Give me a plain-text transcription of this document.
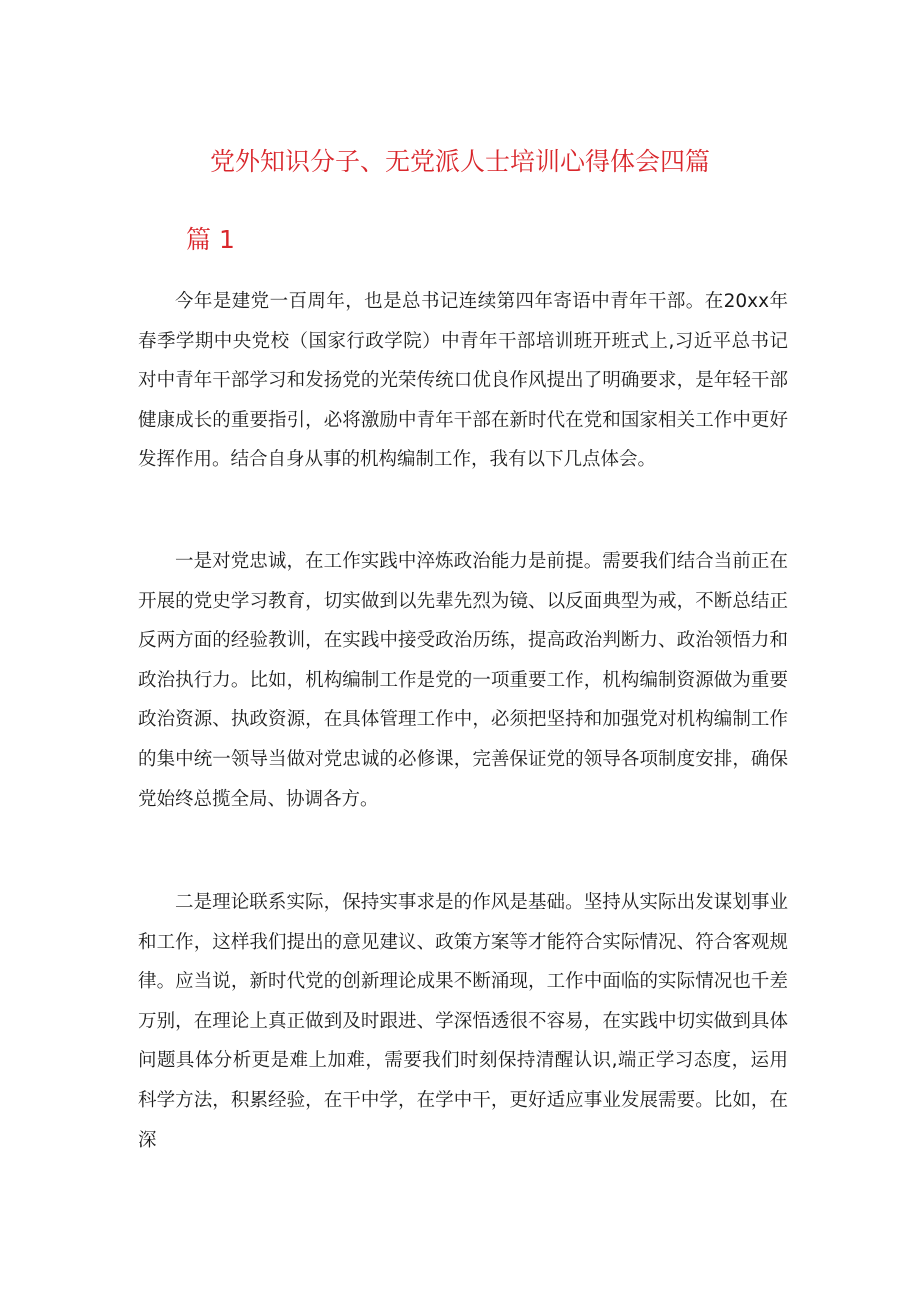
党外知识分子、无党派人士培训心得体会四篇
篇 1

今年是建党一百周年，也是总书记连续第四年寄语中青年干部。在20xx年春季学期中央党校（国家行政学院）中青年干部培训班开班式上,习近平总书记对中青年干部学习和发扬党的光荣传统口优良作风提出了明确要求，是年轻干部健康成长的重要指引，必将激励中青年干部在新时代在党和国家相关工作中更好发挥作用。结合自身从事的机构编制工作，我有以下几点体会。

一是对党忠诚，在工作实践中淬炼政治能力是前提。需要我们结合当前正在开展的党史学习教育，切实做到以先辈先烈为镜、以反面典型为戒，不断总结正反两方面的经验教训，在实践中接受政治历练，提高政治判断力、政治领悟力和政治执行力。比如，机构编制工作是党的一项重要工作，机构编制资源做为重要政治资源、执政资源，在具体管理工作中，必须把坚持和加强党对机构编制工作的集中统一领导当做对党忠诚的必修课，完善保证党的领导各项制度安排，确保党始终总揽全局、协调各方。

二是理论联系实际，保持实事求是的作风是基础。坚持从实际出发谋划事业和工作，这样我们提出的意见建议、政策方案等才能符合实际情况、符合客观规律。应当说，新时代党的创新理论成果不断涌现，工作中面临的实际情况也千差万别，在理论上真正做到及时跟进、学深悟透很不容易，在实践中切实做到具体问题具体分析更是难上加难，需要我们时刻保持清醒认识,端正学习态度，运用科学方法，积累经验，在干中学，在学中干，更好适应事业发展需要。比如，在深
